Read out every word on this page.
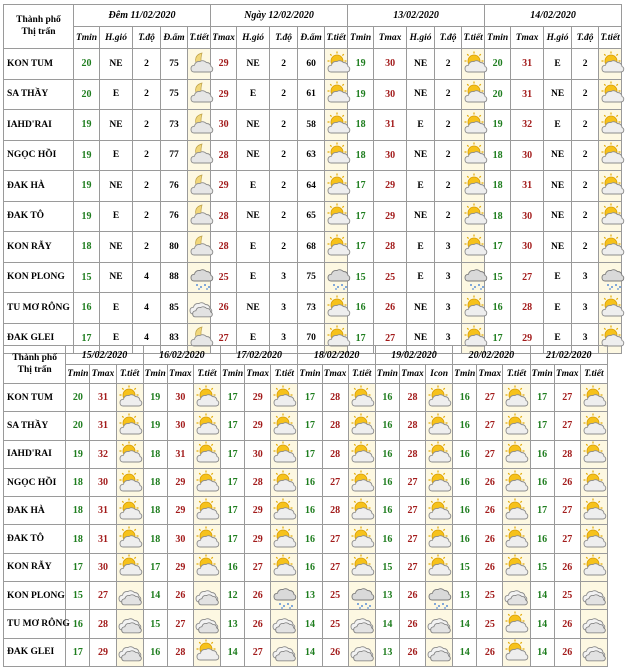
Thành phố
Thị trấn	Đêm 11/02/2020					Ngày 12/02/2020					13/02/2020					14/02/2020				
	Tmin	H.gió	T.độ	Đ.ẩm	T.tiết	Tmax	H.gió	T.độ	Đ.ẩm	T.tiết	Tmin	Tmax	H.gió	T.độ	T.tiết	Tmin	Tmax	H.gió	T.độ	T.tiết
KON TUM	20	NE	2	75		29	NE	2	60		19	30	NE	2		20	31	E	2	

SA THẦY	20	E	2	75		29	E	2	61		19	30	NE	2		20	31	NE	2	

IAHD'RAI	19	NE	2	73		30	NE	2	58		18	31	E	2		19	32	E	2	

NGỌC HỒI	19	E	2	77		28	NE	2	63		18	30	NE	2		18	30	NE	2	

ĐAK HÀ	19	NE	2	76		29	E	2	64		17	29	E	2		18	31	NE	2	

ĐAK TÔ	19	E	2	76		28	NE	2	65		17	29	NE	2		18	30	NE	2	

KON RẪY	18	NE	2	80		28	E	2	68		17	28	E	3		17	30	NE	2	

KON PLONG	15	NE	4	88		25	E	3	75		15	25	E	3		15	27	E	3	

TU MƠ RÔNG	16	E	4	85		26	NE	3	73		16	26	NE	3		16	28	E	3	

ĐAK GLEI	17	E	4	83		27	E	3	70		17	27	NE	3		17	29	E	3	
Thành phố
Thị trấn	15/02/2020			16/02/2020			17/02/2020			18/02/2020			19/02/2020			20/02/2020			21/02/2020		
	Tmin	Tmax	T.tiết	Tmin	Tmax	T.tiết	Tmin	Tmax	T.tiết	Tmin	Tmax	T.tiết	Tmin	Tmax	Icon	Tmin	Tmax	T.tiết	Tmin	Tmax	T.tiết
KON TUM	20	31		19	30		17	29		17	28		16	28		16	27		17	27	

SA THẦY	20	31		19	30		17	29		17	28		16	28		16	27		17	27	

IAHD'RAI	19	32		18	31		17	30		17	28		16	28		16	27		16	28	

NGỌC HỒI	18	30		18	29		17	28		16	27		16	27		16	26		16	26	

ĐAK HÀ	18	31		18	29		17	29		16	28		16	27		16	26		17	27	

ĐAK TÔ	18	31		18	30		17	29		16	27		16	27		16	26		16	27	

KON RẪY	17	30		17	29		16	27		16	27		15	27		15	26		15	26	

KON PLONG	15	27		14	26		12	26		13	25		13	26		13	25		14	25	

TU MƠ RÔNG	16	28		15	27		13	26		14	25		14	26		14	25		14	26	

ĐAK GLEI	17	29		16	28		14	27		14	26		13	26		14	26		14	26	
